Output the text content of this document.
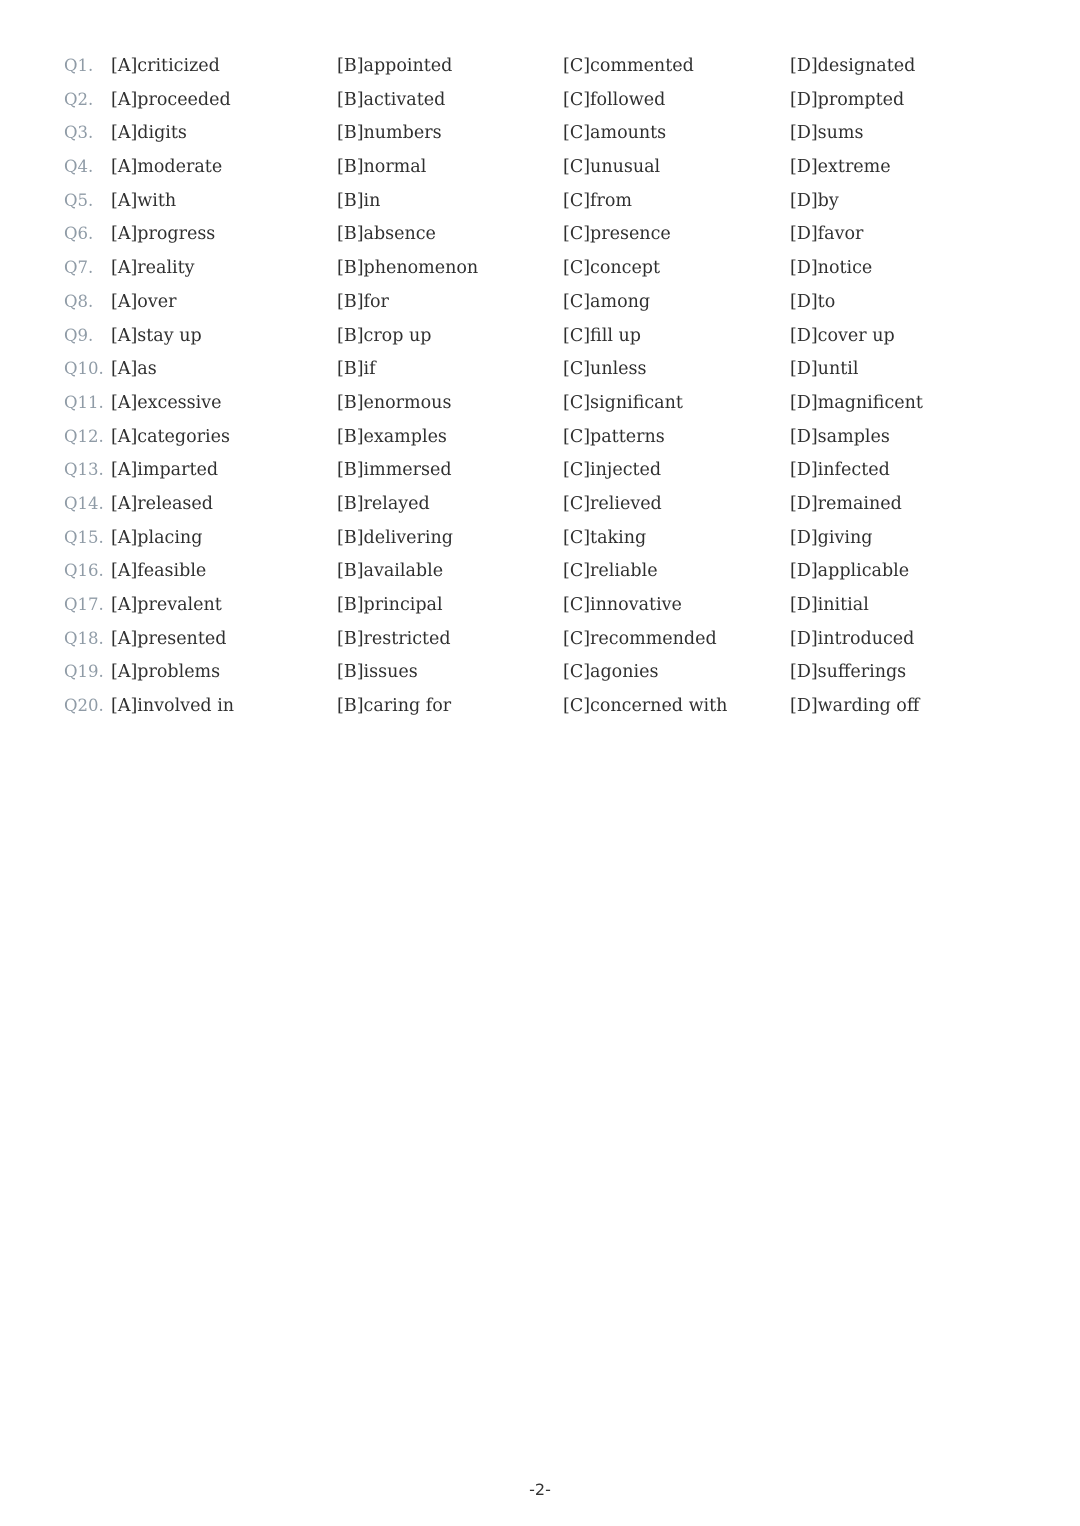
Q1. [A]criticized	[B]appointed	[C]commented	[D]designated
Q2. [A]proceeded	[B]activated	[C]followed	[D]prompted
Q3. [A]digits	[B]numbers	[C]amounts	[D]sums
Q4. [A]moderate	[B]normal	[C]unusual	[D]extreme
Q5. [A]with	[B]in	[C]from	[D]by
Q6. [A]progress	[B]absence	[C]presence	[D]favor
Q7. [A]reality	[B]phenomenon	[C]concept	[D]notice
Q8. [A]over	[B]for	[C]among	[D]to
Q9. [A]stay up	[B]crop up	[C]fill up	[D]cover up
Q10. [A]as	[B]if	[C]unless	[D]until
Q11. [A]excessive	[B]enormous	[C]significant	[D]magnificent
Q12. [A]categories	[B]examples	[C]patterns	[D]samples
Q13. [A]imparted	[B]immersed	[C]injected	[D]infected
Q14. [A]released	[B]relayed	[C]relieved	[D]remained
Q15. [A]placing	[B]delivering	[C]taking	[D]giving
Q16. [A]feasible	[B]available	[C]reliable	[D]applicable
Q17. [A]prevalent	[B]principal	[C]innovative	[D]initial
Q18. [A]presented	[B]restricted	[C]recommended	[D]introduced
Q19. [A]problems	[B]issues	[C]agonies	[D]sufferings
Q20. [A]involved in	[B]caring for	[C]concerned with	[D]warding off
-2-
